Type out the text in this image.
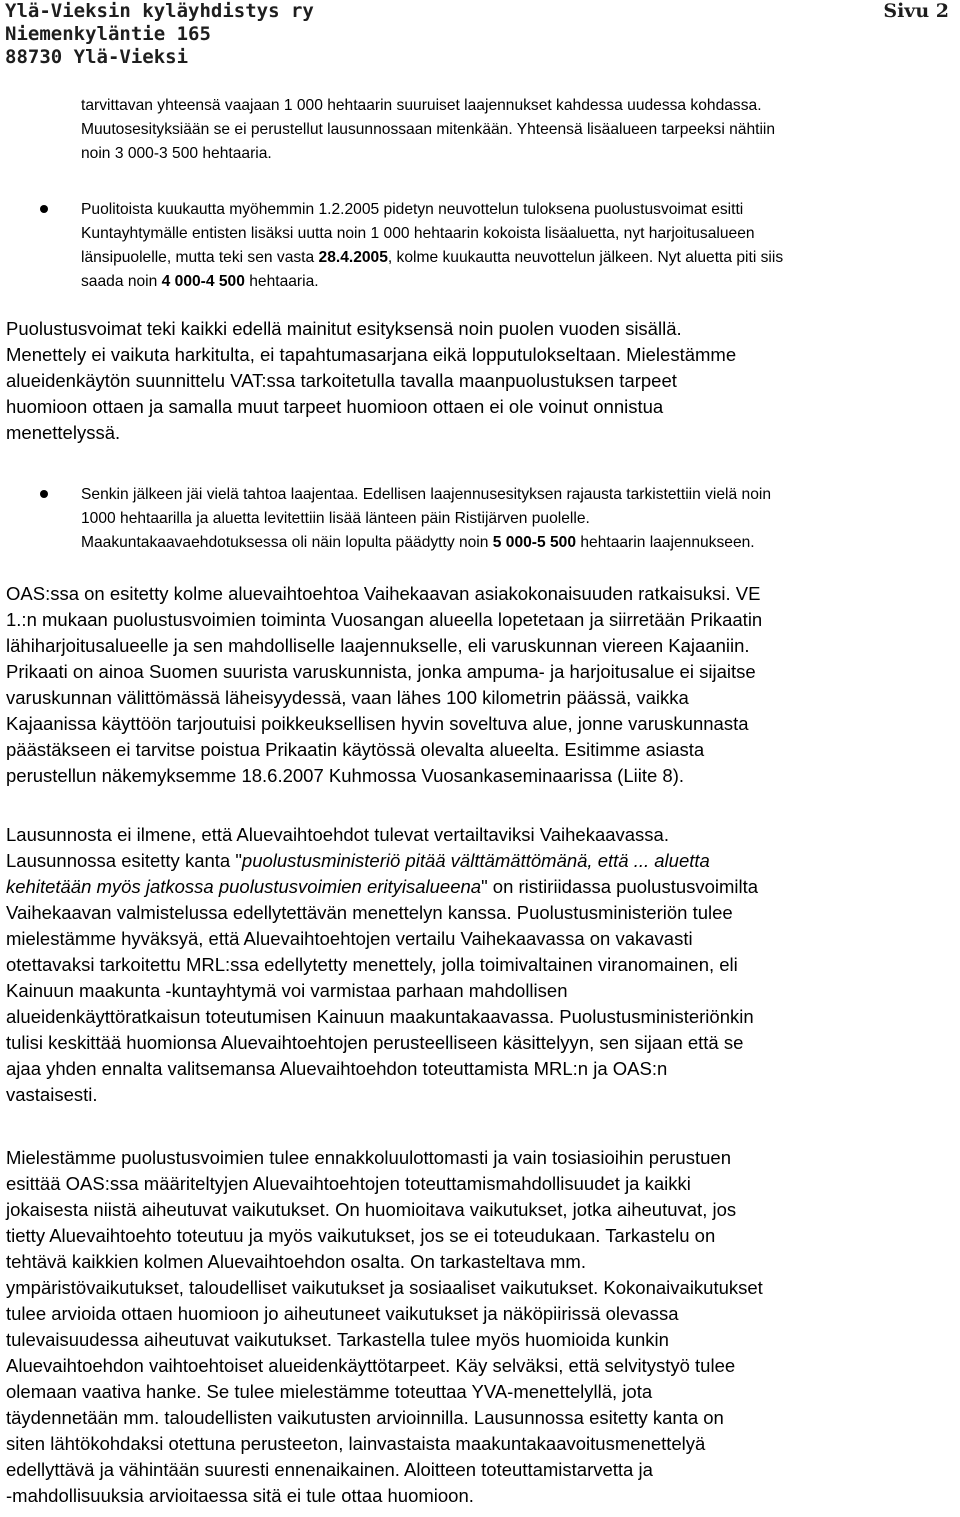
Ylä-Vieksin kyläyhdistys ry
Niemenkyläntie 165
88730 Ylä-Vieksi
Sivu 2
tarvittavan yhteensä vaajaan 1 000 hehtaarin suuruiset laajennukset kahdessa uudessa kohdassa.
Muutosesityksiään se ei perustellut lausunnossaan mitenkään. Yhteensä lisäalueen tarpeeksi nähtiin
noin 3 000-3 500 hehtaaria.
Puolitoista kuukautta myöhemmin 1.2.2005 pidetyn neuvottelun tuloksena puolustusvoimat esitti
Kuntayhtymälle entisten lisäksi uutta noin 1 000 hehtaarin kokoista lisäaluetta, nyt harjoitusalueen
länsipuolelle, mutta teki sen vasta 28.4.2005, kolme kuukautta neuvottelun jälkeen. Nyt aluetta piti siis
saada noin 4 000-4 500 hehtaaria.
Puolustusvoimat teki kaikki edellä mainitut esityksensä noin puolen vuoden sisällä.
Menettely ei vaikuta harkitulta, ei tapahtumasarjana eikä lopputulokseltaan. Mielestämme
alueidenkäytön suunnittelu VAT:ssa tarkoitetulla tavalla maanpuolustuksen tarpeet
huomioon ottaen ja samalla muut tarpeet huomioon ottaen ei ole voinut onnistua
menettelyssä.
Senkin jälkeen jäi vielä tahtoa laajentaa. Edellisen laajennusesityksen rajausta tarkistettiin vielä noin
1000 hehtaarilla ja aluetta levitettiin lisää länteen päin Ristijärven puolelle.
Maakuntakaavaehdotuksessa oli näin lopulta päädytty noin 5 000-5 500 hehtaarin laajennukseen.
OAS:ssa on esitetty kolme aluevaihtoehtoa Vaihekaavan asiakokonaisuuden ratkaisuksi. VE
1.:n mukaan puolustusvoimien toiminta Vuosangan alueella lopetetaan ja siirretään Prikaatin
lähiharjoitusalueelle ja sen mahdolliselle laajennukselle, eli varuskunnan viereen Kajaaniin.
Prikaati on ainoa Suomen suurista varuskunnista, jonka ampuma- ja harjoitusalue ei sijaitse
varuskunnan välittömässä läheisyydessä, vaan lähes 100 kilometrin päässä, vaikka
Kajaanissa käyttöön tarjoutuisi poikkeuksellisen hyvin soveltuva alue, jonne varuskunnasta
päästäkseen ei tarvitse poistua Prikaatin käytössä olevalta alueelta. Esitimme asiasta
perustellun näkemyksemme 18.6.2007 Kuhmossa Vuosankaseminaarissa (Liite 8).
Lausunnosta ei ilmene, että Aluevaihtoehdot tulevat vertailtaviksi Vaihekaavassa.
Lausunnossa esitetty kanta "puolustusministeriö pitää välttämättömänä, että ... aluetta
kehitetään myös jatkossa puolustusvoimien erityisalueena" on ristiriidassa puolustusvoimilta
Vaihekaavan valmistelussa edellytettävän menettelyn kanssa. Puolustusministeriön tulee
mielestämme hyväksyä, että Aluevaihtoehtojen vertailu Vaihekaavassa on vakavasti
otettavaksi tarkoitettu MRL:ssa edellytetty menettely, jolla toimivaltainen viranomainen, eli
Kainuun maakunta -kuntayhtymä voi varmistaa parhaan mahdollisen
alueidenkäyttöratkaisun toteutumisen Kainuun maakuntakaavassa. Puolustusministeriönkin
tulisi keskittää huomionsa Aluevaihtoehtojen perusteelliseen käsittelyyn, sen sijaan että se
ajaa yhden ennalta valitsemansa Aluevaihtoehdon toteuttamista MRL:n ja OAS:n
vastaisesti.
Mielestämme puolustusvoimien tulee ennakkoluulottomasti ja vain tosiasioihin perustuen
esittää OAS:ssa määriteltyjen Aluevaihtoehtojen toteuttamismahdollisuudet ja kaikki
jokaisesta niistä aiheutuvat vaikutukset. On huomioitava vaikutukset, jotka aiheutuvat, jos
tietty Aluevaihtoehto toteutuu ja myös vaikutukset, jos se ei toteudukaan. Tarkastelu on
tehtävä kaikkien kolmen Aluevaihtoehdon osalta. On tarkasteltava mm.
ympäristövaikutukset, taloudelliset vaikutukset ja sosiaaliset vaikutukset. Kokonaivaikutukset
tulee arvioida ottaen huomioon jo aiheutuneet vaikutukset ja näköpiirissä olevassa
tulevaisuudessa aiheutuvat vaikutukset. Tarkastella tulee myös huomioida kunkin
Aluevaihtoehdon vaihtoehtoiset alueidenkäyttötarpeet. Käy selväksi, että selvitystyö tulee
olemaan vaativa hanke. Se tulee mielestämme toteuttaa YVA-menettelyllä, jota
täydennetään mm. taloudellisten vaikutusten arvioinnilla. Lausunnossa esitetty kanta on
siten lähtökohdaksi otettuna perusteeton, lainvastaista maakuntakaavoitusmenettelyä
edellyttävä ja vähintään suuresti ennenaikainen. Aloitteen toteuttamistarvetta ja
-mahdollisuuksia arvioitaessa sitä ei tule ottaa huomioon.
